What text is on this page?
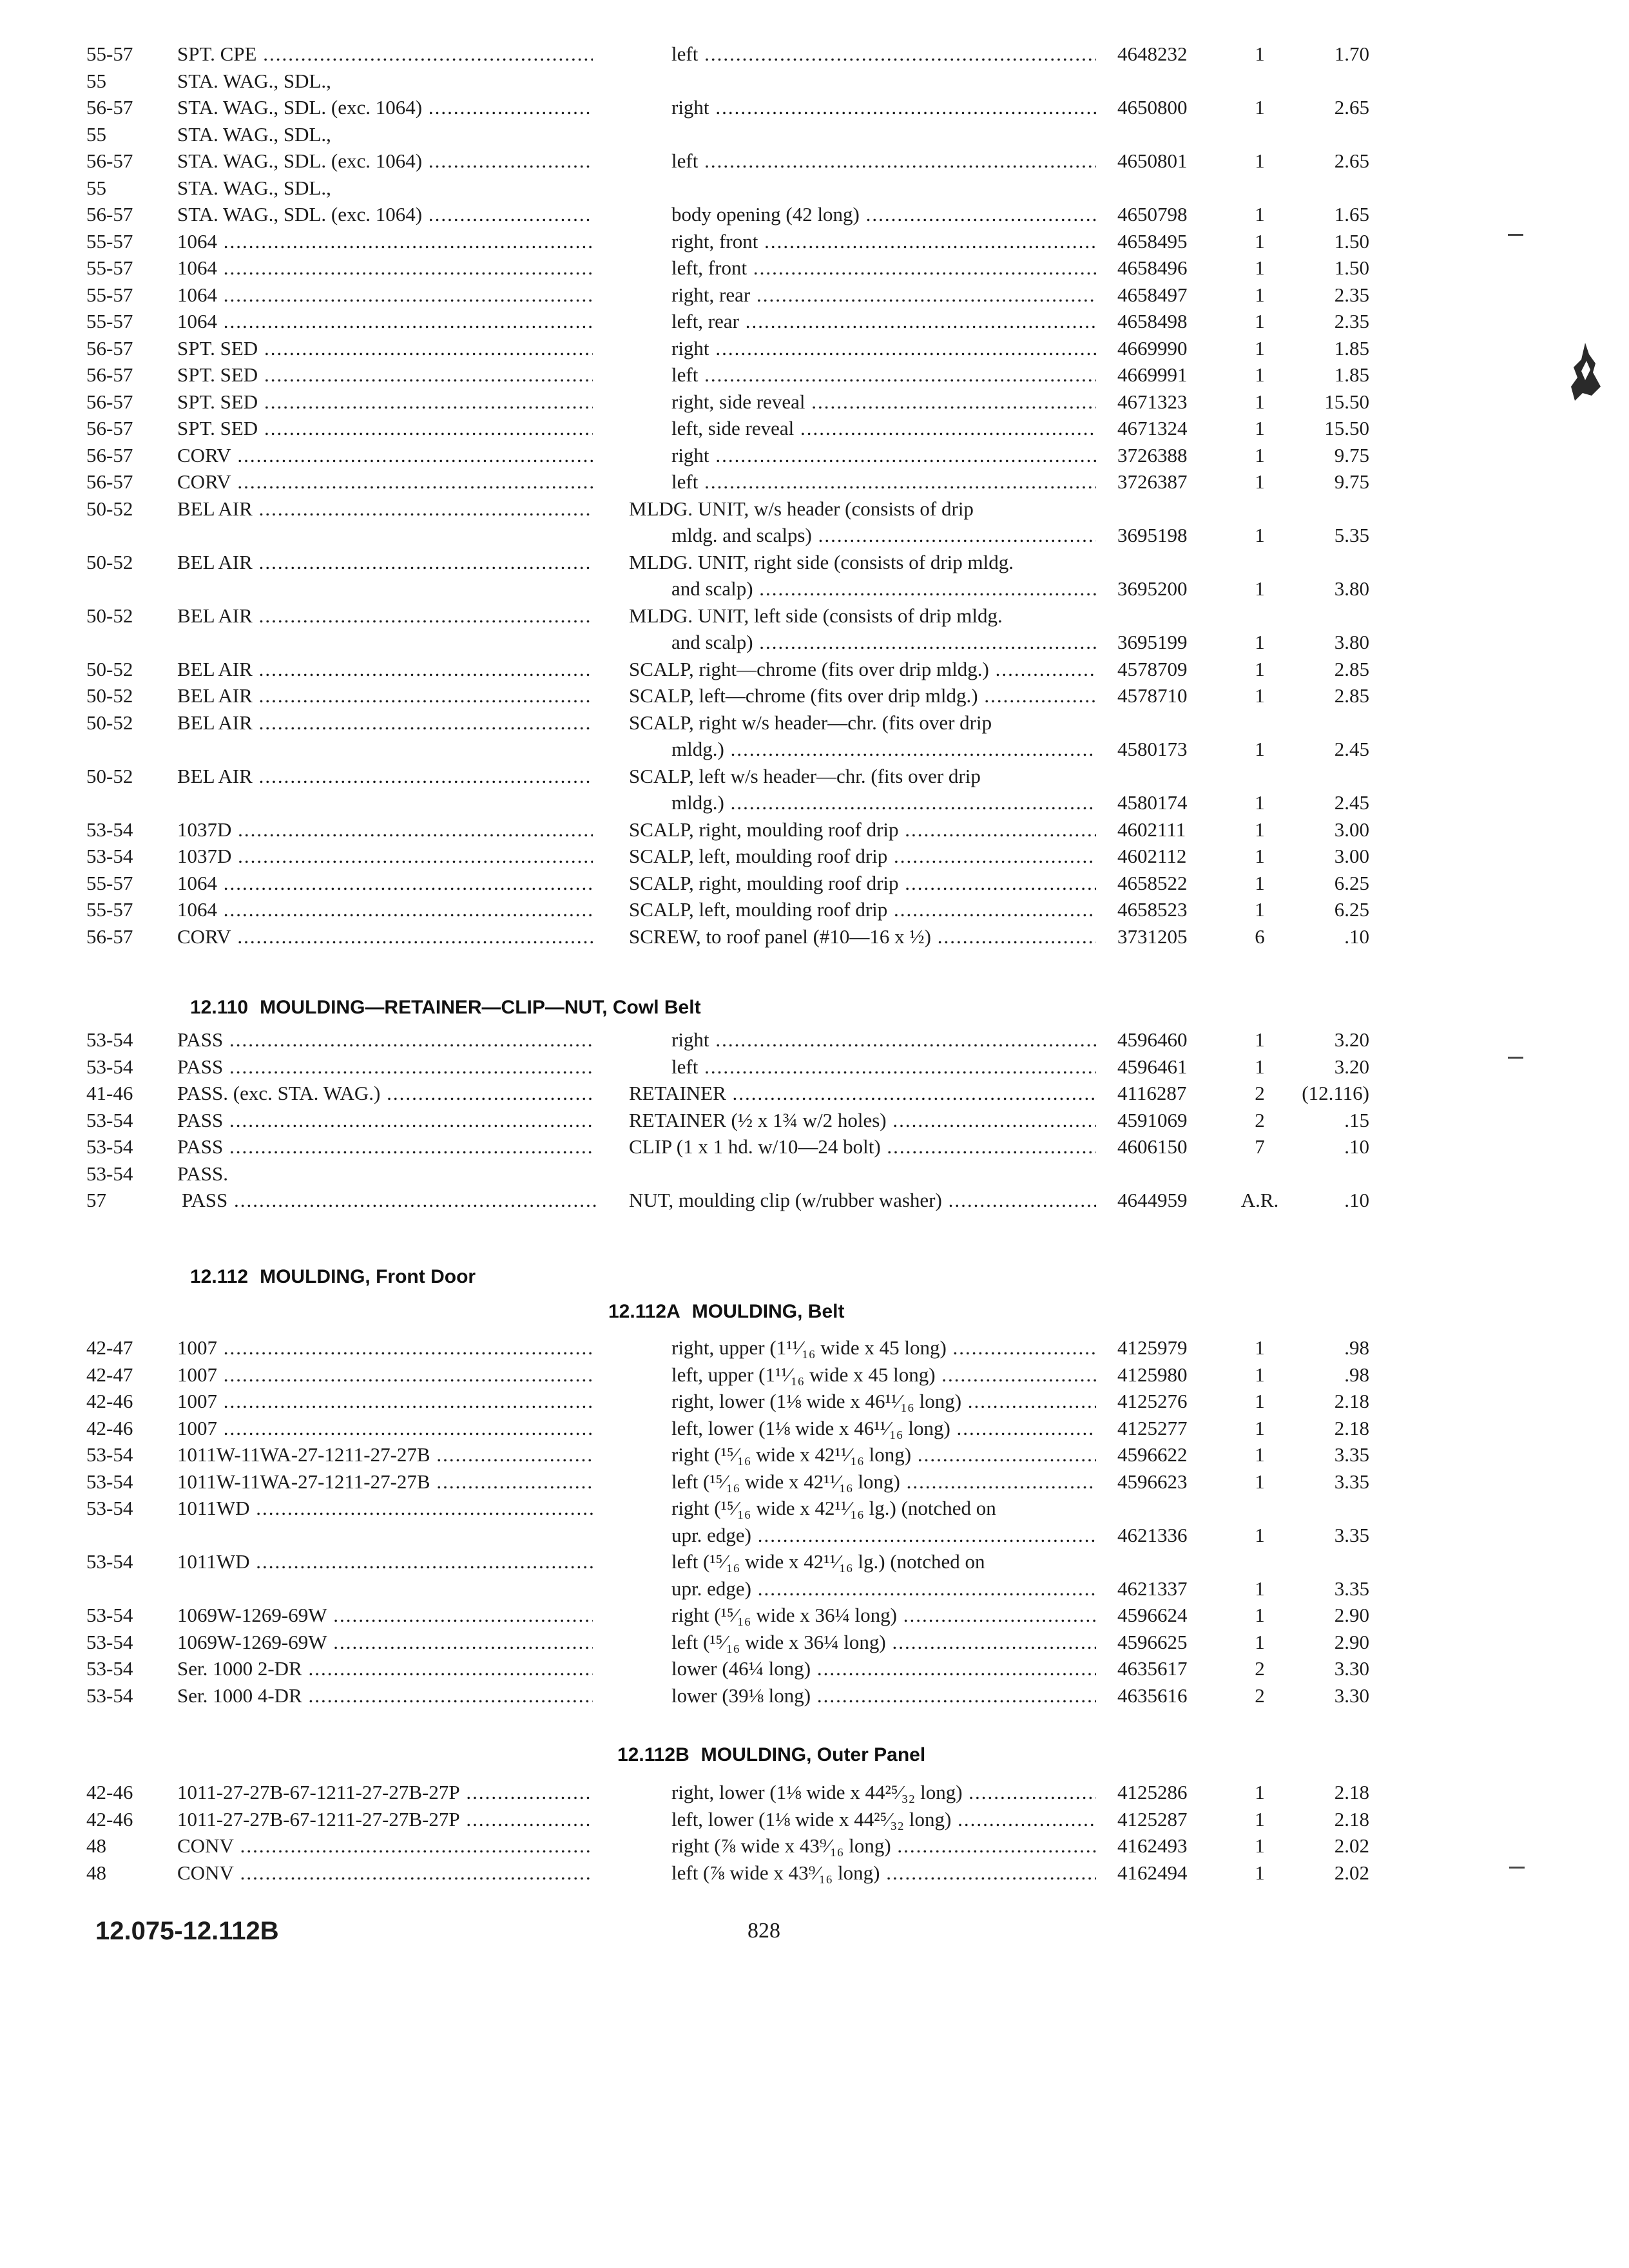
55-57	SPT. CPE .....	left .....	4648232	1	1.70
55	STA. WAG., SDL.,
56-57	STA. WAG., SDL. (exc. 1064) .....	right .....	4650800	1	2.65
55	STA. WAG., SDL.,
56-57	STA. WAG., SDL. (exc. 1064) .....	left .....	4650801	1	2.65
55	STA. WAG., SDL.,
56-57	STA. WAG., SDL. (exc. 1064) .....	body opening (42 long) .....	4650798	1	1.65
55-57	1064 .....	right, front .....	4658495	1	1.50
55-57	1064 .....	left, front .....	4658496	1	1.50
55-57	1064 .....	right, rear .....	4658497	1	2.35
55-57	1064 .....	left, rear .....	4658498	1	2.35
56-57	SPT. SED .....	right .....	4669990	1	1.85
56-57	SPT. SED .....	left .....	4669991	1	1.85
56-57	SPT. SED .....	right, side reveal .....	4671323	1	15.50
56-57	SPT. SED .....	left, side reveal .....	4671324	1	15.50
56-57	CORV .....	right .....	3726388	1	9.75
56-57	CORV .....	left .....	3726387	1	9.75
50-52	BEL AIR .....	MLDG. UNIT, w/s header (consists of drip
mldg. and scalps) .....	3695198	1	5.35
50-52	BEL AIR .....	MLDG. UNIT, right side (consists of drip mldg.
and scalp) .....	3695200	1	3.80
50-52	BEL AIR .....	MLDG. UNIT, left side (consists of drip mldg.
and scalp) .....	3695199	1	3.80
50-52	BEL AIR .....	SCALP, right—chrome (fits over drip mldg.) .....	4578709	1	2.85
50-52	BEL AIR .....	SCALP, left—chrome (fits over drip mldg.) .....	4578710	1	2.85
50-52	BEL AIR .....	SCALP, right w/s header—chr. (fits over drip
mldg.) .....	4580173	1	2.45
50-52	BEL AIR .....	SCALP, left w/s header—chr. (fits over drip
mldg.) .....	4580174	1	2.45
53-54	1037D .....	SCALP, right, moulding roof drip .....	4602111	1	3.00
53-54	1037D .....	SCALP, left, moulding roof drip .....	4602112	1	3.00
55-57	1064 .....	SCALP, right, moulding roof drip .....	4658522	1	6.25
55-57	1064 .....	SCALP, left, moulding roof drip .....	4658523	1	6.25
56-57	CORV .....	SCREW, to roof panel (#10—16 x ½) .....	3731205	6	.10
53-54	PASS .....	right .....	4596460	1	3.20
53-54	PASS .....	left .....	4596461	1	3.20
41-46	PASS. (exc. STA. WAG.) .....	RETAINER .....	4116287	2	(12.116)
53-54	PASS .....	RETAINER (½ x 1¾ w/2 holes) .....	4591069	2	.15
53-54	PASS .....	CLIP (1 x 1 hd. w/10—24 bolt) .....	4606150	7	.10
53-54	PASS.
57	PASS .....	NUT, moulding clip (w/rubber washer) .....	4644959	A.R.	.10
42-47	1007 .....	right, upper (1¹¹⁄₁₆ wide x 45 long) .....	4125979	1	.98
42-47	1007 .....	left, upper (1¹¹⁄₁₆ wide x 45 long) .....	4125980	1	.98
42-46	1007 .....	right, lower (1⅛ wide x 46¹¹⁄₁₆ long) .....	4125276	1	2.18
42-46	1007 .....	left, lower (1⅛ wide x 46¹¹⁄₁₆ long) .....	4125277	1	2.18
53-54	1011W-11WA-27-1211-27-27B .....	right (¹⁵⁄₁₆ wide x 42¹¹⁄₁₆ long) .....	4596622	1	3.35
53-54	1011W-11WA-27-1211-27-27B .....	left (¹⁵⁄₁₆ wide x 42¹¹⁄₁₆ long) .....	4596623	1	3.35
53-54	1011WD .....	right (¹⁵⁄₁₆ wide x 42¹¹⁄₁₆ lg.) (notched on
upr. edge) .....	4621336	1	3.35
53-54	1011WD .....	left (¹⁵⁄₁₆ wide x 42¹¹⁄₁₆ lg.) (notched on
upr. edge) .....	4621337	1	3.35
53-54	1069W-1269-69W .....	right (¹⁵⁄₁₆ wide x 36¼ long) .....	4596624	1	2.90
53-54	1069W-1269-69W .....	left (¹⁵⁄₁₆ wide x 36¼ long) .....	4596625	1	2.90
53-54	Ser. 1000 2-DR .....	lower (46¼ long) .....	4635617	2	3.30
53-54	Ser. 1000 4-DR .....	lower (39⅛ long) .....	4635616	2	3.30
42-46	1011-27-27B-67-1211-27-27B-27P .....	right, lower (1⅛ wide x 44²⁵⁄₃₂ long) .....	4125286	1	2.18
42-46	1011-27-27B-67-1211-27-27B-27P .....	left, lower (1⅛ wide x 44²⁵⁄₃₂ long) .....	4125287	1	2.18
48	CONV .....	right (⅞ wide x 43⁹⁄₁₆ long) .....	4162493	1	2.02
48	CONV .....	left (⅞ wide x 43⁹⁄₁₆ long) .....	4162494	1	2.02
12.110 MOULDING—RETAINER—CLIP—NUT, Cowl Belt
12.112 MOULDING, Front Door
12.112A MOULDING, Belt
12.112B MOULDING, Outer Panel
12.075-12.112B	828
